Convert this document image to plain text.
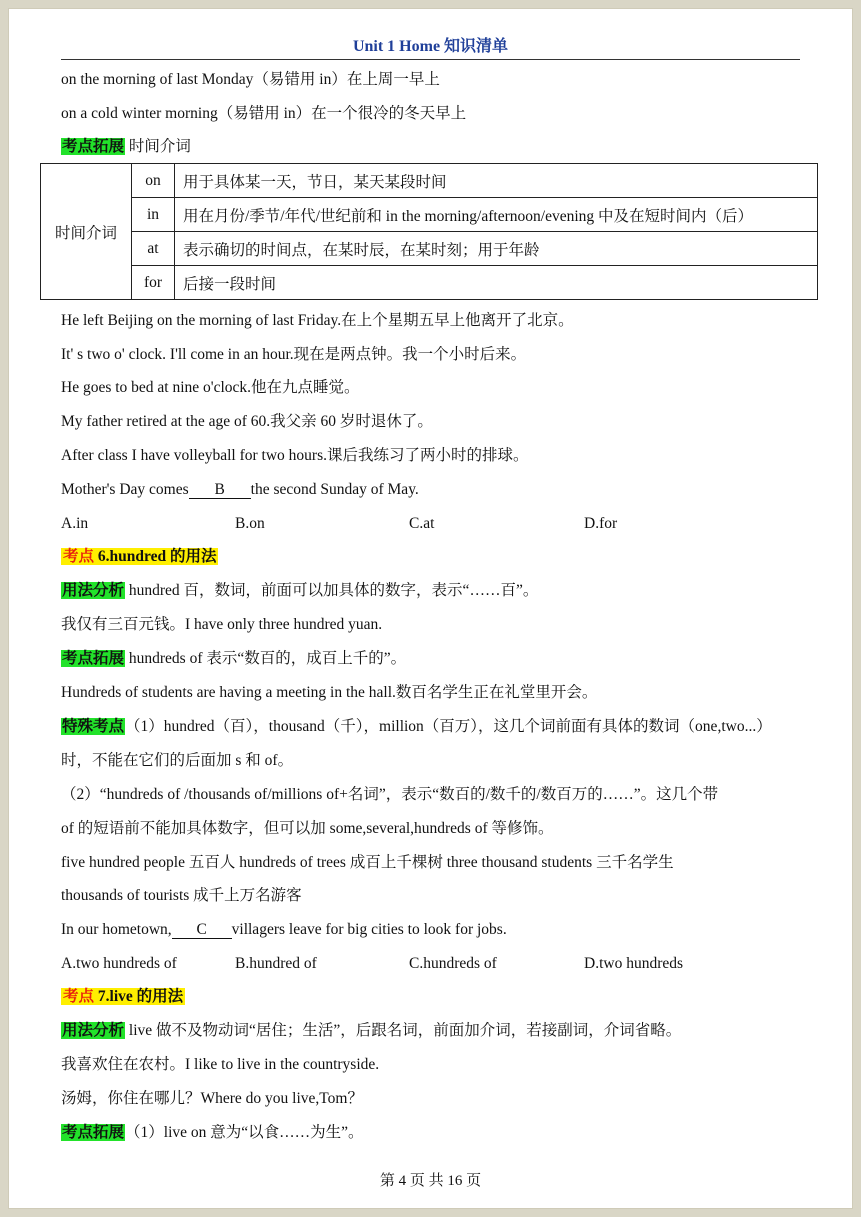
Unit 1 Home 知识清单
on the morning of last Monday（易错用 in）在上周一早上
on a cold winter morning（易错用 in）在一个很冷的冬天早上
考点拓展 时间介词
时间介词	on	用于具体某一天，节日，某天某段时间
	in	用在月份/季节/年代/世纪前和 in the morning/afternoon/evening 中及在短时间内（后）
	at	表示确切的时间点，在某时辰，在某时刻；用于年龄
	for	后接一段时间
He left Beijing on the morning of last Friday.在上个星期五早上他离开了北京。
It' s two o' clock. I'll come in an hour.现在是两点钟。我一个小时后来。
He goes to bed at nine o'clock.他在九点睡觉。
My father retired at the age of 60.我父亲 60 岁时退休了。
After class I have volleyball for two hours.课后我练习了两小时的排球。
Mother's Day comes B the second Sunday of May.
A.in	B.on	C.at	D.for
考点 6.hundred 的用法
用法分析 hundred 百，数词，前面可以加具体的数字，表示“……百”。
我仅有三百元钱。I have only three hundred yuan.
考点拓展 hundreds of 表示“数百的，成百上千的”。
Hundreds of students are having a meeting in the hall.数百名学生正在礼堂里开会。
特殊考点（1）hundred（百），thousand（千），million（百万），这几个词前面有具体的数词（one,two...）
时，不能在它们的后面加 s 和 of。
（2）“hundreds of /thousands of/millions of+名词”，表示“数百的/数千的/数百万的……”。这几个带
of 的短语前不能加具体数字，但可以加 some,several,hundreds of 等修饰。
five hundred people 五百人 hundreds of trees 成百上千棵树 three thousand students 三千名学生
thousands of tourists 成千上万名游客
In our hometown, C villagers leave for big cities to look for jobs.
A.two hundreds of	B.hundred of	C.hundreds of	D.two hundreds
考点 7.live 的用法
用法分析 live 做不及物动词“居住；生活”，后跟名词，前面加介词，若接副词，介词省略。
我喜欢住在农村。I like to live in the countryside.
汤姆，你住在哪儿？Where do you live,Tom？
考点拓展（1）live on 意为“以食……为生”。
第 4 页 共 16 页
